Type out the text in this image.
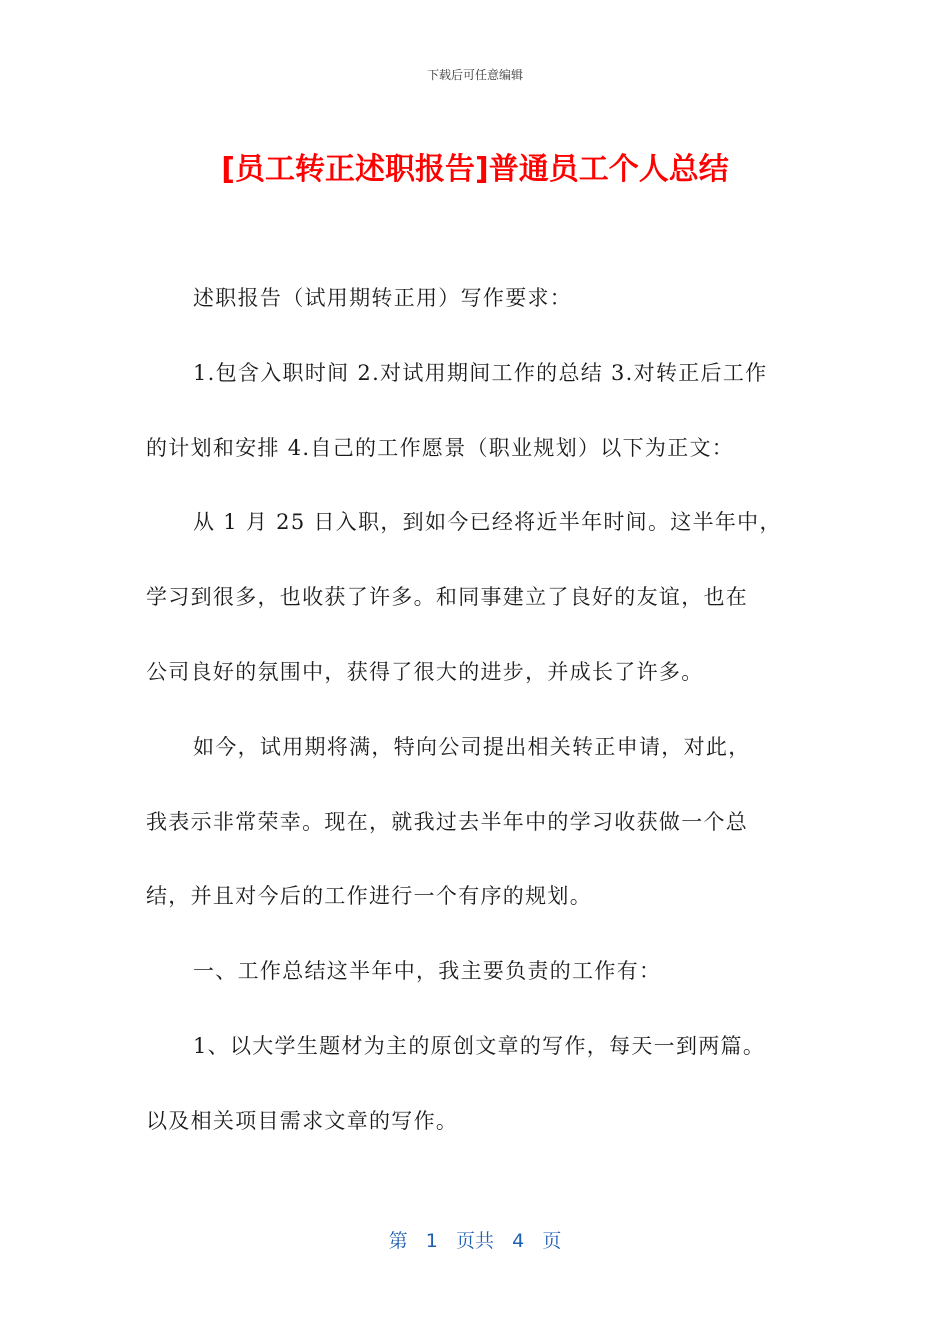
下载后可任意编辑
[员工转正述职报告]普通员工个人总结
述职报告（试用期转正用）写作要求：
1.包含入职时间 2.对试用期间工作的总结 3.对转正后工作
的计划和安排 4.自己的工作愿景（职业规划）以下为正文：
从 1 月 25 日入职，到如今已经将近半年时间。这半年中，
学习到很多，也收获了许多。和同事建立了良好的友谊，也在
公司良好的氛围中，获得了很大的进步，并成长了许多。
如今，试用期将满，特向公司提出相关转正申请，对此，
我表示非常荣幸。现在，就我过去半年中的学习收获做一个总
结，并且对今后的工作进行一个有序的规划。
一、工作总结这半年中，我主要负责的工作有：
1、以大学生题材为主的原创文章的写作，每天一到两篇。
以及相关项目需求文章的写作。
第 1 页共 4 页
